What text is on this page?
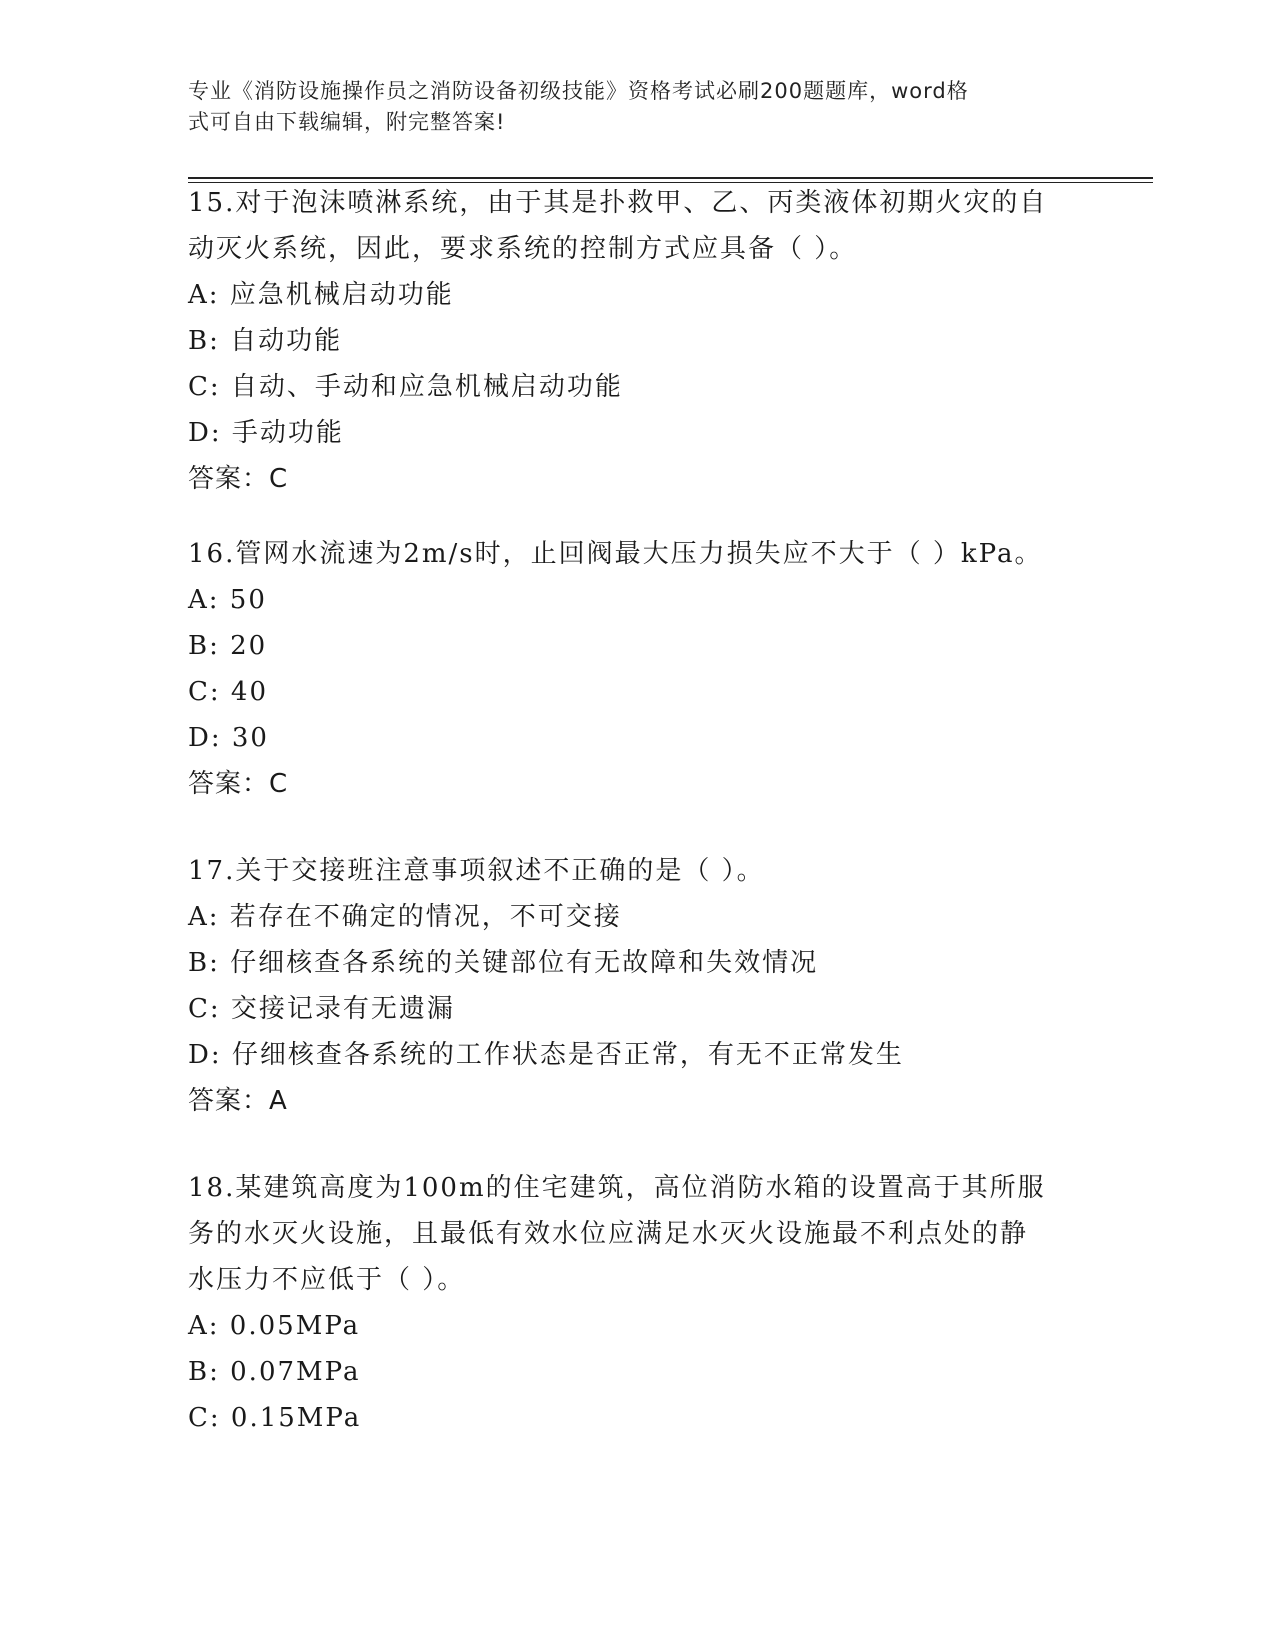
专业《消防设施操作员之消防设备初级技能》资格考试必刷200题题库，word格
式可自由下载编辑，附完整答案!

15.对于泡沫喷淋系统，由于其是扑救甲、乙、丙类液体初期火灾的自

动灭火系统，因此，要求系统的控制方式应具备（ ）。

A: 应急机械启动功能

B: 自动功能

C: 自动、手动和应急机械启动功能

D: 手动功能

答案：C

16.管网水流速为2m/s时，止回阀最大压力损失应不大于（ ）kPa。

A: 50

B: 20

C: 40

D: 30

答案：C

17.关于交接班注意事项叙述不正确的是（ ）。

A: 若存在不确定的情况，不可交接

B: 仔细核查各系统的关键部位有无故障和失效情况

C: 交接记录有无遗漏

D: 仔细核查各系统的工作状态是否正常，有无不正常发生

答案：A

18.某建筑高度为100m的住宅建筑，高位消防水箱的设置高于其所服

务的水灭火设施，且最低有效水位应满足水灭火设施最不利点处的静

水压力不应低于（ ）。

A: 0.05MPa

B: 0.07MPa

C: 0.15MPa
